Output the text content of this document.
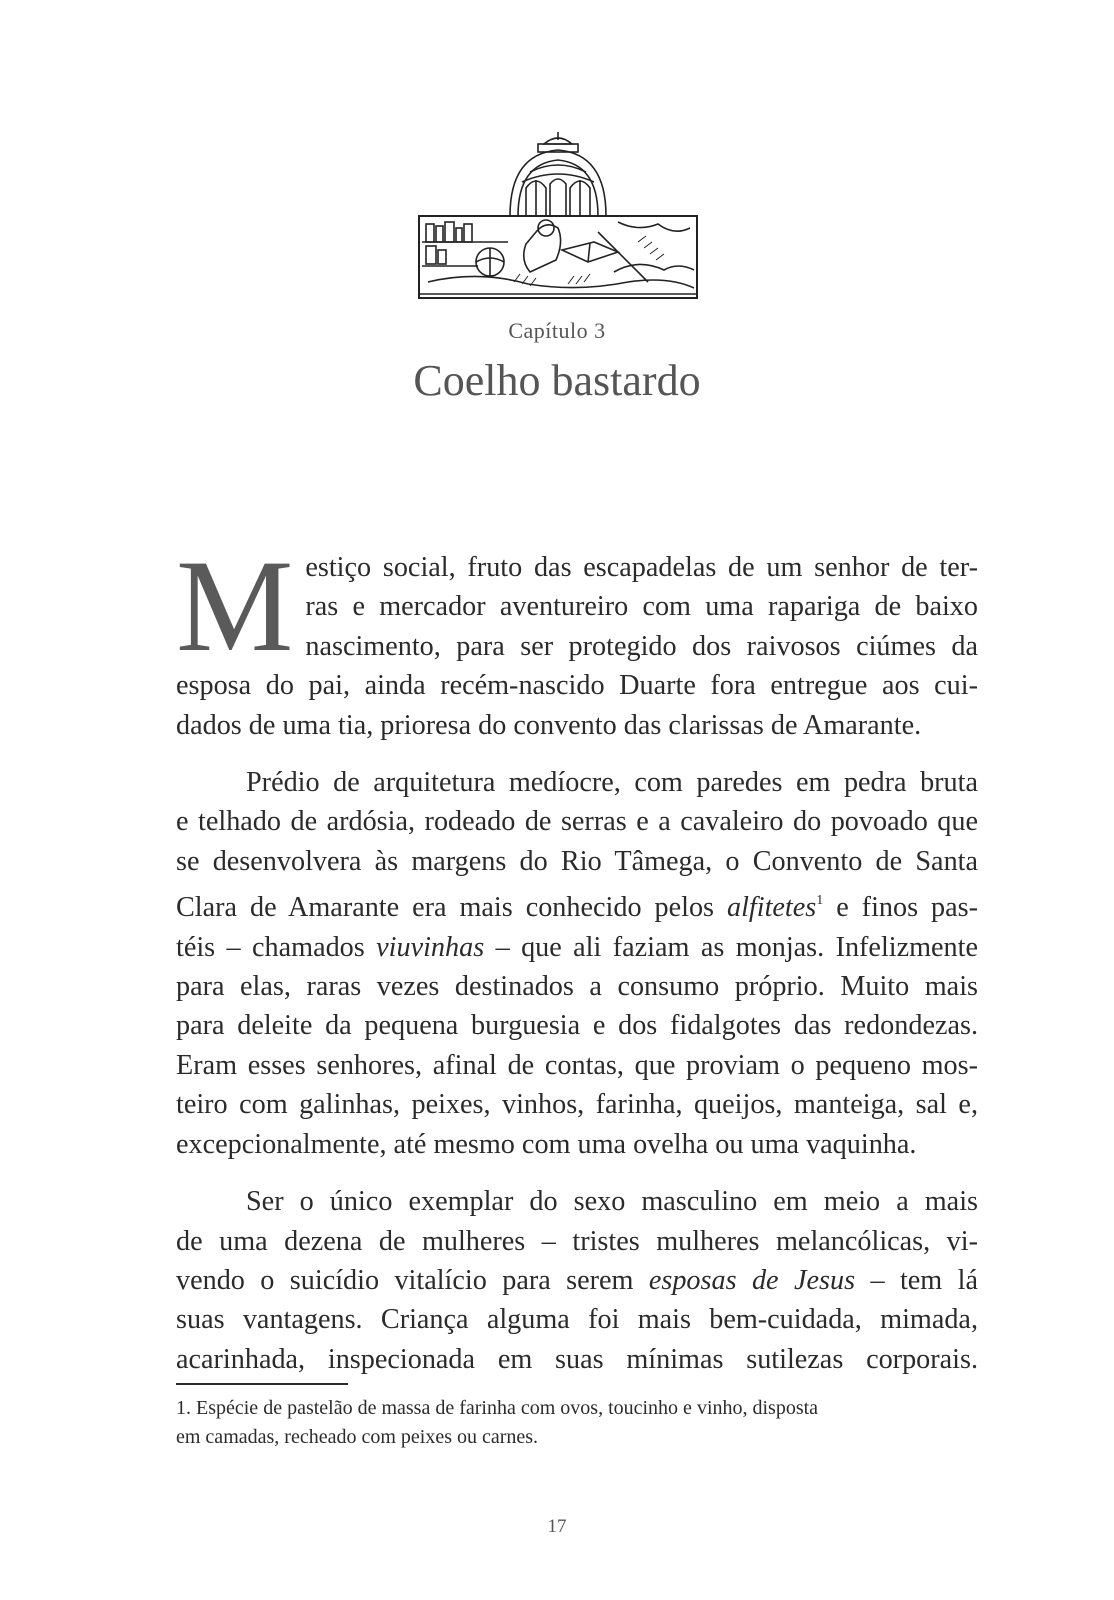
Capítulo 3
Coelho bastardo

M estiço social, fruto das escapadelas de um senhor de ter-
ras e mercador aventureiro com uma rapariga de baixo
nascimento, para ser protegido dos raivosos ciúmes da
esposa do pai, ainda recém-nascido Duarte fora entregue aos cui-
dados de uma tia, prioresa do convento das clarissas de Amarante.

Prédio de arquitetura medíocre, com paredes em pedra bruta
e telhado de ardósia, rodeado de serras e a cavaleiro do povoado que
se desenvolvera às margens do Rio Tâmega, o Convento de Santa
Clara de Amarante era mais conhecido pelos alfitetes$^1$ e finos pas-
téis – chamados viuvinhas – que ali faziam as monjas. Infelizmente
para elas, raras vezes destinados a consumo próprio. Muito mais
para deleite da pequena burguesia e dos fidalgotes das redondezas.
Eram esses senhores, afinal de contas, que proviam o pequeno mos-
teiro com galinhas, peixes, vinhos, farinha, queijos, manteiga, sal e,
excepcionalmente, até mesmo com uma ovelha ou uma vaquinha.

Ser o único exemplar do sexo masculino em meio a mais
de uma dezena de mulheres – tristes mulheres melancólicas, vi-
vendo o suicídio vitalício para serem esposas de Jesus – tem lá
suas vantagens. Criança alguma foi mais bem-cuidada, mimada,
acarinhada, inspecionada em suas mínimas sutilezas corporais.

1. Espécie de pastelão de massa de farinha com ovos, toucinho e vinho, disposta
em camadas, recheado com peixes ou carnes.
17
